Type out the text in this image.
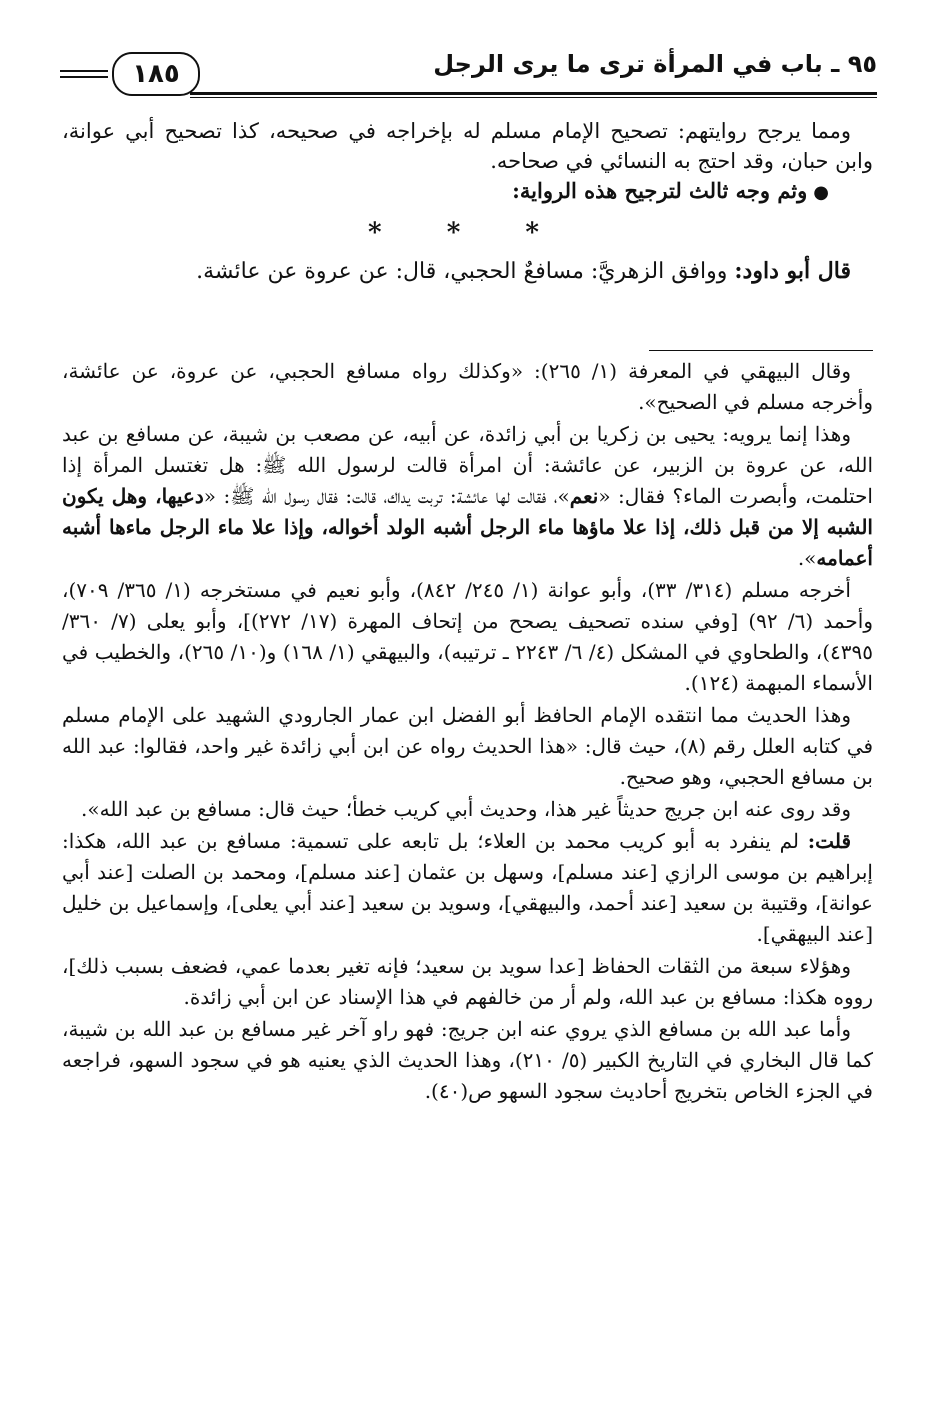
٩٥ ـ باب في المرأة ترى ما يرى الرجل
١٨٥

ومما يرجح روايتهم: تصحيح الإمام مسلم له بإخراجه في صحيحه، كذا تصحيح أبي عوانة، وابن حبان، وقد احتج به النسائي في صحاحه.

●وثم وجه ثالث لترجيح هذه الرواية:

* * *

قال أبو داود: ووافق الزهريَّ: مسافعٌ الحجبي، قال: عن عروة عن عائشة.

وقال البيهقي في المعرفة (١/ ٢٦٥): «وكذلك رواه مسافع الحجبي، عن عروة، عن عائشة، وأخرجه مسلم في الصحيح».

وهذا إنما يرويه: يحيى بن زكريا بن أبي زائدة، عن أبيه، عن مصعب بن شيبة، عن مسافع بن عبد الله، عن عروة بن الزبير، عن عائشة: أن امرأة قالت لرسول الله ﷺ: هل تغتسل المرأة إذا احتلمت، وأبصرت الماء؟ فقال: «نعم»، فقالت لها عائشة: تربت يداك، قالت: فقال رسول الله ﷺ: «دعيها، وهل يكون الشبه إلا من قبل ذلك، إذا علا ماؤها ماء الرجل أشبه الولد أخواله، وإذا علا ماء الرجل ماءها أشبه أعمامه».

أخرجه مسلم (٣١٤/ ٣٣)، وأبو عوانة (١/ ٢٤٥/ ٨٤٢)، وأبو نعيم في مستخرجه (١/ ٣٦٥/ ٧٠٩)، وأحمد (٦/ ٩٢) [وفي سنده تصحيف يصحح من إتحاف المهرة (١٧/ ٢٧٢)]، وأبو يعلى (٧/ ٣٦٠/ ٤٣٩٥)، والطحاوي في المشكل (٤/ ٦/ ٢٢٤٣ ـ ترتيبه)، والبيهقي (١/ ١٦٨) و(١٠/ ٢٦٥)، والخطيب في الأسماء المبهمة (١٢٤).

وهذا الحديث مما انتقده الإمام الحافظ أبو الفضل ابن عمار الجارودي الشهيد على الإمام مسلم في كتابه العلل رقم (٨)، حيث قال: «هذا الحديث رواه عن ابن أبي زائدة غير واحد، فقالوا: عبد الله بن مسافع الحجبي، وهو صحيح.

وقد روى عنه ابن جريج حديثاً غير هذا، وحديث أبي كريب خطأ؛ حيث قال: مسافع بن عبد الله».

قلت: لم ينفرد به أبو كريب محمد بن العلاء؛ بل تابعه على تسمية: مسافع بن عبد الله، هكذا: إبراهيم بن موسى الرازي [عند مسلم]، وسهل بن عثمان [عند مسلم]، ومحمد بن الصلت [عند أبي عوانة]، وقتيبة بن سعيد [عند أحمد، والبيهقي]، وسويد بن سعيد [عند أبي يعلى]، وإسماعيل بن خليل [عند البيهقي].

وهؤلاء سبعة من الثقات الحفاظ [عدا سويد بن سعيد؛ فإنه تغير بعدما عمي، فضعف بسبب ذلك]، رووه هكذا: مسافع بن عبد الله، ولم أر من خالفهم في هذا الإسناد عن ابن أبي زائدة.

وأما عبد الله بن مسافع الذي يروي عنه ابن جريج: فهو راو آخر غير مسافع بن عبد الله بن شيبة، كما قال البخاري في التاريخ الكبير (٥/ ٢١٠)، وهذا الحديث الذي يعنيه هو في سجود السهو، فراجعه في الجزء الخاص بتخريج أحاديث سجود السهو ص(٤٠).
